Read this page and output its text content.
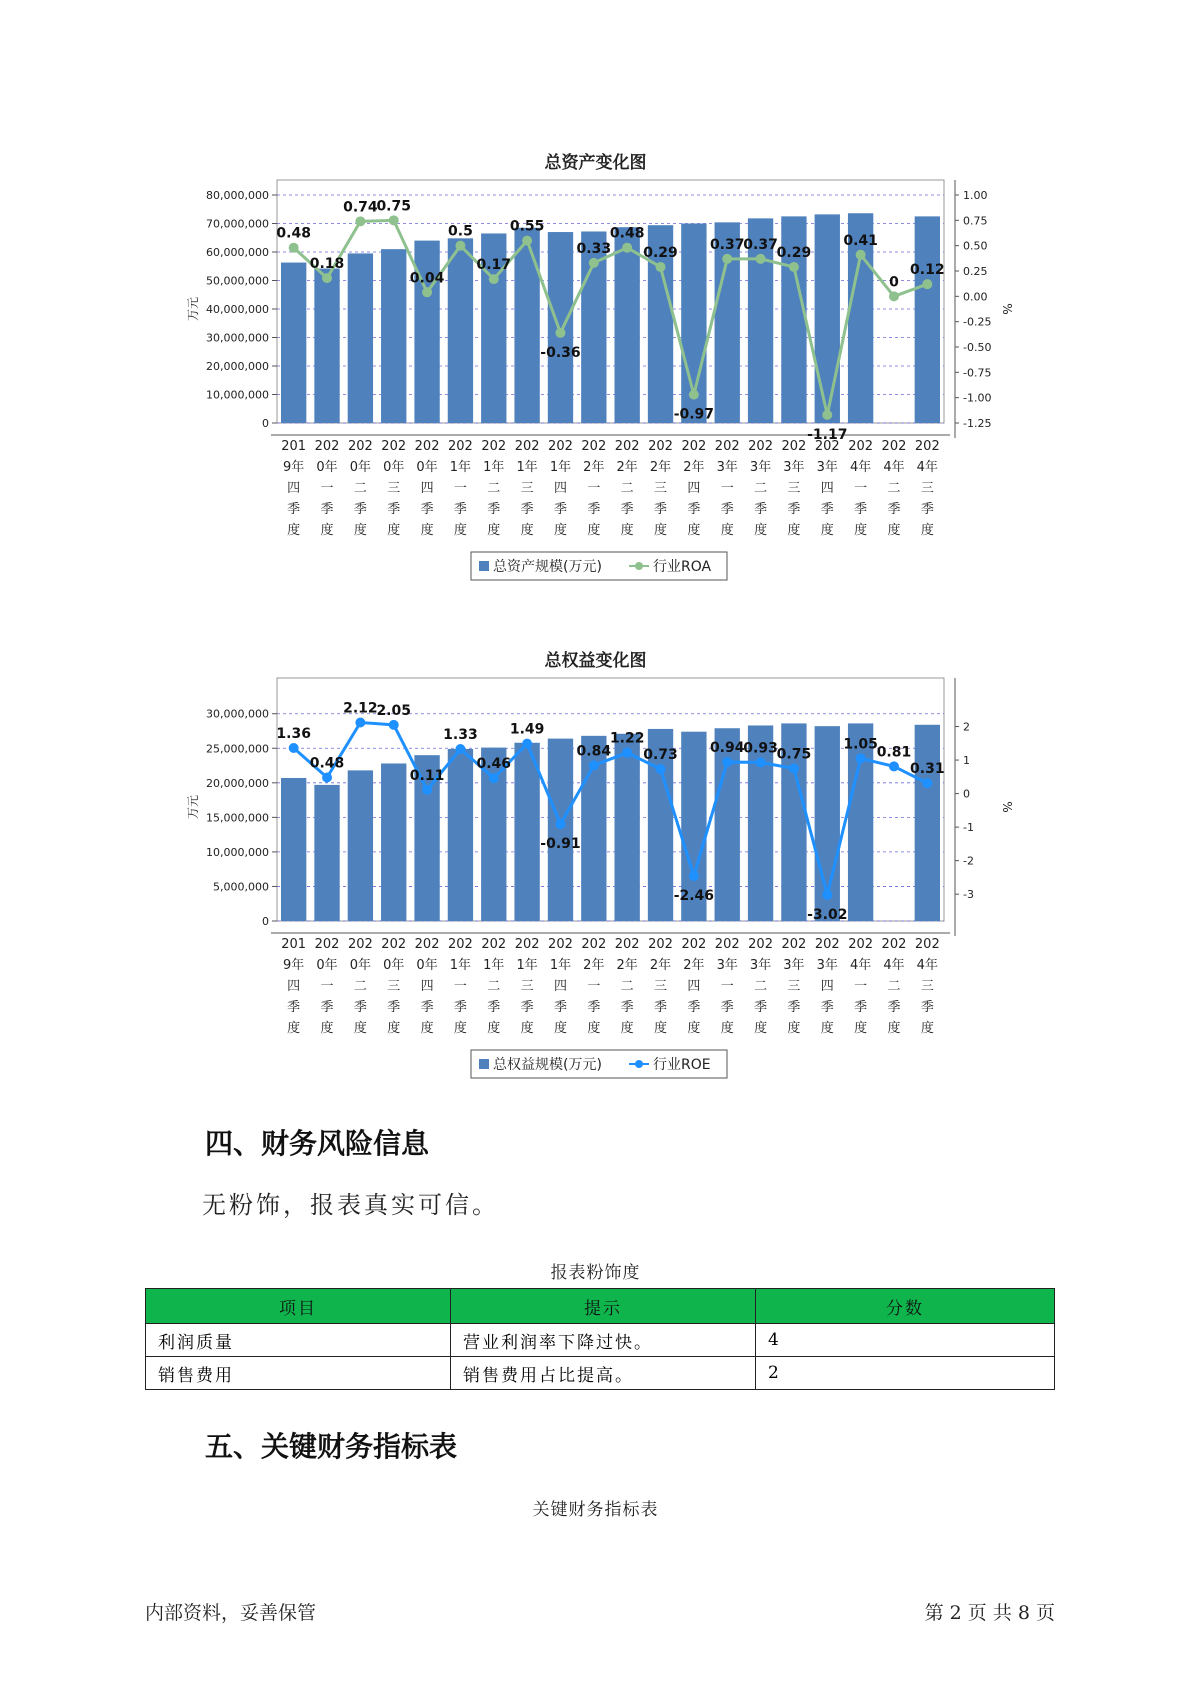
总资产变化图
0
10,000,000
20,000,000
30,000,000
40,000,000
50,000,000
60,000,000
70,000,000
80,000,000	1.00
0.75
0.50
0.25
0.00
-0.25
-0.50
-0.75
-1.00
-1.25
万元	%
201
9年
四
季
度
202
0年
一
季
度
202
0年
二
季
度
202
0年
三
季
度
202
0年
四
季
度
202
1年
一
季
度
202
1年
二
季
度
202
1年
三
季
度
202
1年
四
季
度
202
2年
一
季
度
202
2年
二
季
度
202
2年
三
季
度
202
2年
四
季
度
202
3年
一
季
度
202
3年
二
季
度
202
3年
三
季
度
202
3年
四
季
度
202
4年
一
季
度
202
4年
二
季
度
202
4年
三
季
度
0.48
0.18
0.74
0.75
0.04
0.5
0.17
0.55
-0.36
0.33
0.48
0.29
-0.97
0.37
0.37
0.29
-1.17
0.41
0
0.12
总资产规模(万元)	行业ROA
总权益变化图
0
5,000,000
10,000,000
15,000,000
20,000,000
25,000,000
30,000,000
2
1
0
-1
-2
-3
万元	%
201
9年
四
季
度
202
0年
一
季
度
202
0年
二
季
度
202
0年
三
季
度
202
0年
四
季
度
202
1年
一
季
度
202
1年
二
季
度
202
1年
三
季
度
202
1年
四
季
度
202
2年
一
季
度
202
2年
二
季
度
202
2年
三
季
度
202
2年
四
季
度
202
3年
一
季
度
202
3年
二
季
度
202
3年
三
季
度
202
3年
四
季
度
202
4年
一
季
度
202
4年
二
季
度
202
4年
三
季
度
1.36
0.48
2.12
2.05
0.11
1.33
0.46
1.49
-0.91
0.84
1.22
0.73
-2.46
0.94
0.93
0.75
-3.02
1.05
0.81
0.31
总权益规模(万元)	行业ROE
四、财务风险信息

无粉饰，报表真实可信。

报表粉饰度
项目	提示	分数
利润质量	营业利润率下降过快。	4
销售费用	销售费用占比提高。	2
五、关键财务指标表
关键财务指标表
内部资料，妥善保管	第 2 页 共 8 页
